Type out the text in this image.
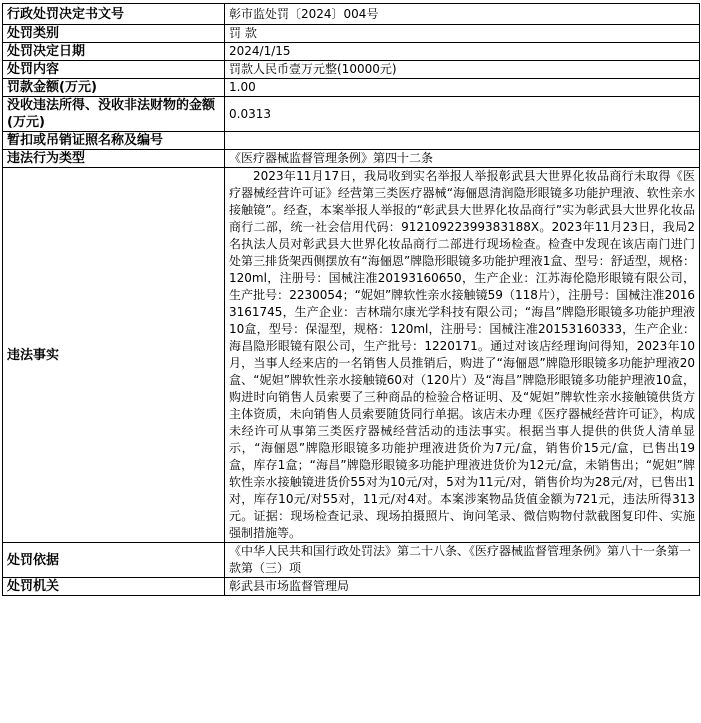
行政处罚决定书文号	彰市监处罚〔2024〕004号
处罚类别	罚 款
处罚决定日期	2024/1/15
处罚内容	罚款人民币壹万元整(10000元)
罚款金额(万元)	1.00
没收违法所得、没收非法财物的金额(万元)	0.0313
暂扣或吊销证照名称及编号	
违法行为类型	《医疗器械监督管理条例》第四十二条
违法事实	2023年11月17日，我局收到实名举报人举报彰武县大世界化妆品商行未取得《医疗器械经营许可证》经营第三类医疗器械“海俪恩清润隐形眼镜多功能护理液、软性亲水接触镜”。经查，本案举报人举报的“彰武县大世界化妆品商行”实为彰武县大世界化妆品商行二部，统一社会信用代码：91210922399383188X。2023年11月23日，我局2名执法人员对彰武县大世界化妆品商行二部进行现场检查。检查中发现在该店南门进门处第三排货架西侧摆放有“海俪恩”牌隐形眼镜多功能护理液1盒、型号：舒适型，规格：120ml，注册号：国械注准20193160650，生产企业：江苏海伦隐形眼镜有限公司，生产批号：2230054；“妮妲”牌软性亲水接触镜59（118片），注册号：国械注准20163161745，生产企业：吉林瑞尔康光学科技有限公司；“海昌”牌隐形眼镜多功能护理液10盒，型号：保湿型，规格：120ml，注册号：国械注准20153160333，生产企业：海昌隐形眼镜有限公司，生产批号：1220171。通过对该店经理询问得知，2023年10月，当事人经来店的一名销售人员推销后，购进了“海俪恩”牌隐形眼镜多功能护理液20盒、“妮妲”牌软性亲水接触镜60对（120片）及“海昌”牌隐形眼镜多功能护理液10盒，购进时向销售人员索要了三种商品的检验合格证明、及“妮妲”牌软性亲水接触镜供货方主体资质，未向销售人员索要随货同行单据。该店未办理《医疗器械经营许可证》，构成未经许可从事第三类医疗器械经营活动的违法事实。根据当事人提供的供货人清单显示，“海俪恩”牌隐形眼镜多功能护理液进货价为7元/盒，销售价15元/盒，已售出19盒，库存1盒；“海昌”牌隐形眼镜多功能护理液进货价为12元/盒，未销售出；“妮妲”牌软性亲水接触镜进货价55对为10元/对，5对为11元/对，销售价均为28元/对，已售出1对，库存10元/对55对，11元/对4对。本案涉案物品货值金额为721元，违法所得313元。证据：现场检查记录、现场拍摄照片、询问笔录、微信购物付款截图复印件、实施强制措施等。
处罚依据	《中华人民共和国行政处罚法》第二十八条、《医疗器械监督管理条例》第八十一条第一款第（三）项
处罚机关	彰武县市场监督管理局
